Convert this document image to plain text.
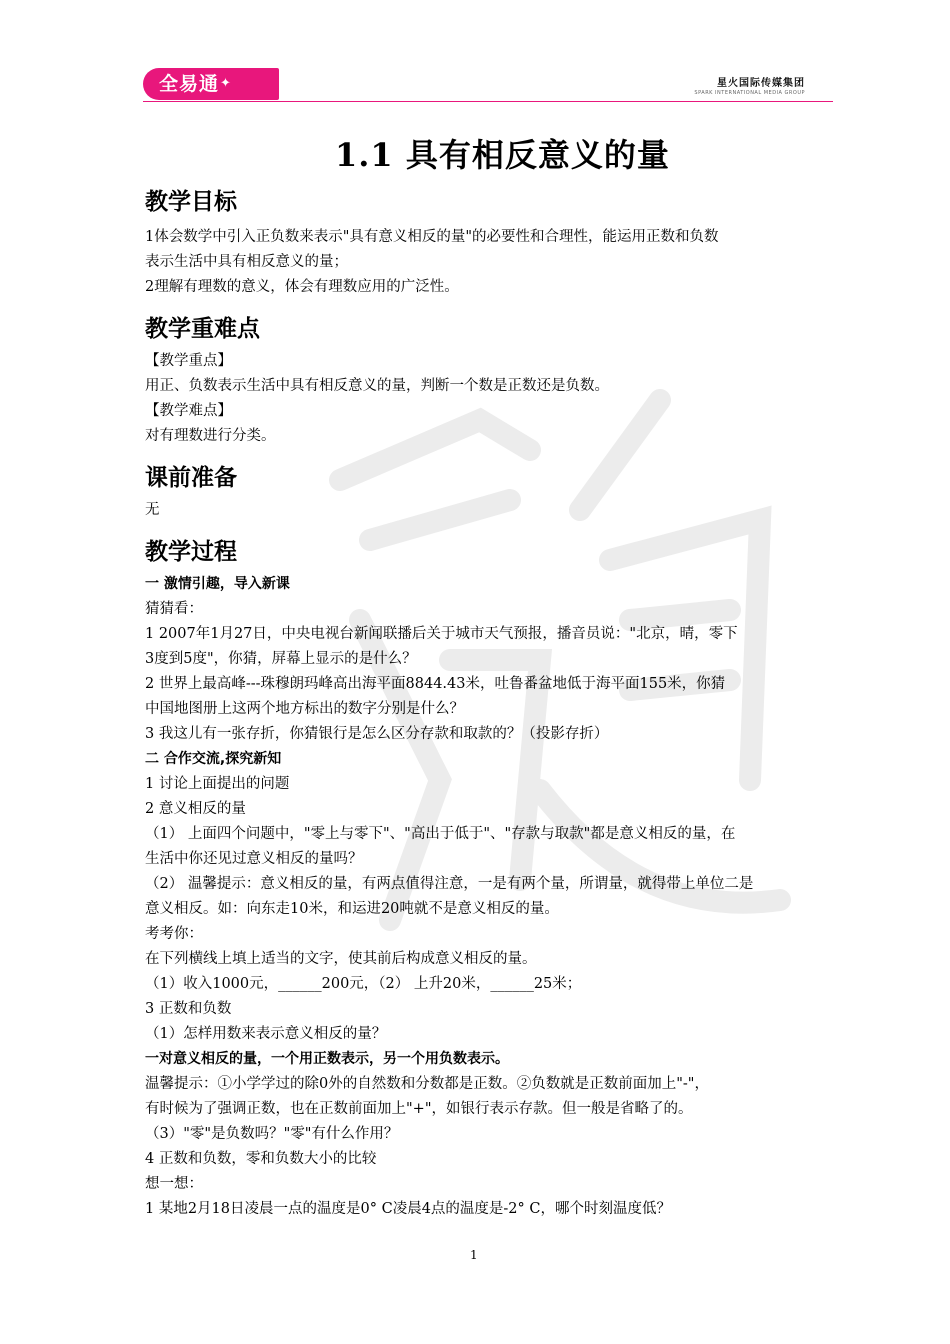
全易通✦	星火国际传媒集团
SPARK INTERNATIONAL MEDIA GROUP
1.1 具有相反意义的量
教学目标
1体会数学中引入正负数来表示"具有意义相反的量"的必要性和合理性，能运用正数和负数
表示生活中具有相反意义的量；
2理解有理数的意义，体会有理数应用的广泛性。
教学重难点
【教学重点】
用正、负数表示生活中具有相反意义的量，判断一个数是正数还是负数。
【教学难点】
对有理数进行分类。
课前准备
无
教学过程
一 激情引趣，导入新课
猜猜看：
1 2007年1月27日，中央电视台新闻联播后关于城市天气预报，播音员说："北京，晴，零下
3度到5度"，你猜，屏幕上显示的是什么？
2 世界上最高峰---珠穆朗玛峰高出海平面8844.43米，吐鲁番盆地低于海平面155米，你猜
中国地图册上这两个地方标出的数字分别是什么？
3 我这儿有一张存折，你猜银行是怎么区分存款和取款的？（投影存折）
二 合作交流,探究新知
1 讨论上面提出的问题
2 意义相反的量
（1） 上面四个问题中，"零上与零下"、"高出于低于"、"存款与取款"都是意义相反的量，在
生活中你还见过意义相反的量吗？
（2） 温馨提示：意义相反的量，有两点值得注意，一是有两个量，所谓量，就得带上单位二是
意义相反。如：向东走10米，和运进20吨就不是意义相反的量。
考考你：
在下列横线上填上适当的文字，使其前后构成意义相反的量。
（1）收入1000元，______200元，（2） 上升20米，______25米；
3 正数和负数
（1）怎样用数来表示意义相反的量？
一对意义相反的量，一个用正数表示，另一个用负数表示。
温馨提示：①小学学过的除0外的自然数和分数都是正数。②负数就是正数前面加上"-"，
有时候为了强调正数，也在正数前面加上"+"，如银行表示存款。但一般是省略了的。
（3）"零"是负数吗？"零"有什么作用？
4 正数和负数，零和负数大小的比较
想一想：
1 某地2月18日凌晨一点的温度是0° C凌晨4点的温度是-2° C，哪个时刻温度低？
1
